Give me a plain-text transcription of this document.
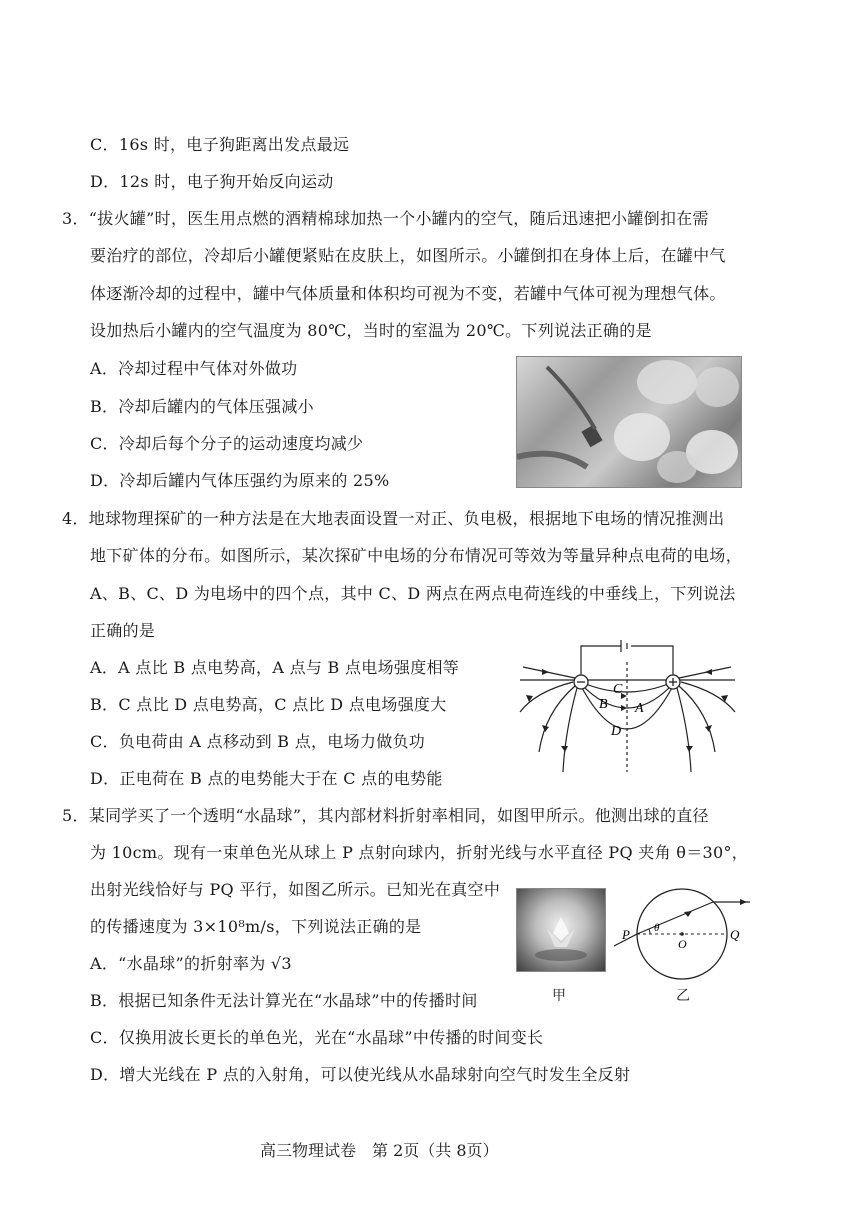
C．16s 时，电子狗距离出发点最远
D．12s 时，电子狗开始反向运动
3．“拔火罐”时，医生用点燃的酒精棉球加热一个小罐内的空气，随后迅速把小罐倒扣在需
要治疗的部位，冷却后小罐便紧贴在皮肤上，如图所示。小罐倒扣在身体上后，在罐中气
体逐渐冷却的过程中，罐中气体质量和体积均可视为不变，若罐中气体可视为理想气体。
设加热后小罐内的空气温度为 80℃，当时的室温为 20℃。下列说法正确的是
A．冷却过程中气体对外做功
B．冷却后罐内的气体压强减小
C．冷却后每个分子的运动速度均减少
D．冷却后罐内气体压强约为原来的 25%
4．地球物理探矿的一种方法是在大地表面设置一对正、负电极，根据地下电场的情况推测出
地下矿体的分布。如图所示，某次探矿中电场的分布情况可等效为等量异种点电荷的电场，
A、B、C、D 为电场中的四个点，其中 C、D 两点在两点电荷连线的中垂线上，下列说法
正确的是
A．A 点比 B 点电势高，A 点与 B 点电场强度相等
B．C 点比 D 点电势高，C 点比 D 点电场强度大
C．负电荷由 A 点移动到 B 点，电场力做负功
D．正电荷在 B 点的电势能大于在 C 点的电势能
C
B A
D
5．某同学买了一个透明“水晶球”，其内部材料折射率相同，如图甲所示。他测出球的直径
为 10cm。现有一束单色光从球上 P 点射向球内，折射光线与水平直径 PQ 夹角 θ＝30°，
出射光线恰好与 PQ 平行，如图乙所示。已知光在真空中
的传播速度为 3×10⁸m/s，下列说法正确的是
A．“水晶球”的折射率为 √3
B．根据已知条件无法计算光在“水晶球”中的传播时间
C．仅换用波长更长的单色光，光在“水晶球”中传播的时间变长
D．增大光线在 P 点的入射角，可以使光线从水晶球射向空气时发生全反射
甲
P	Q
O
θ
乙
高三物理试卷　第 2页（共 8页）
